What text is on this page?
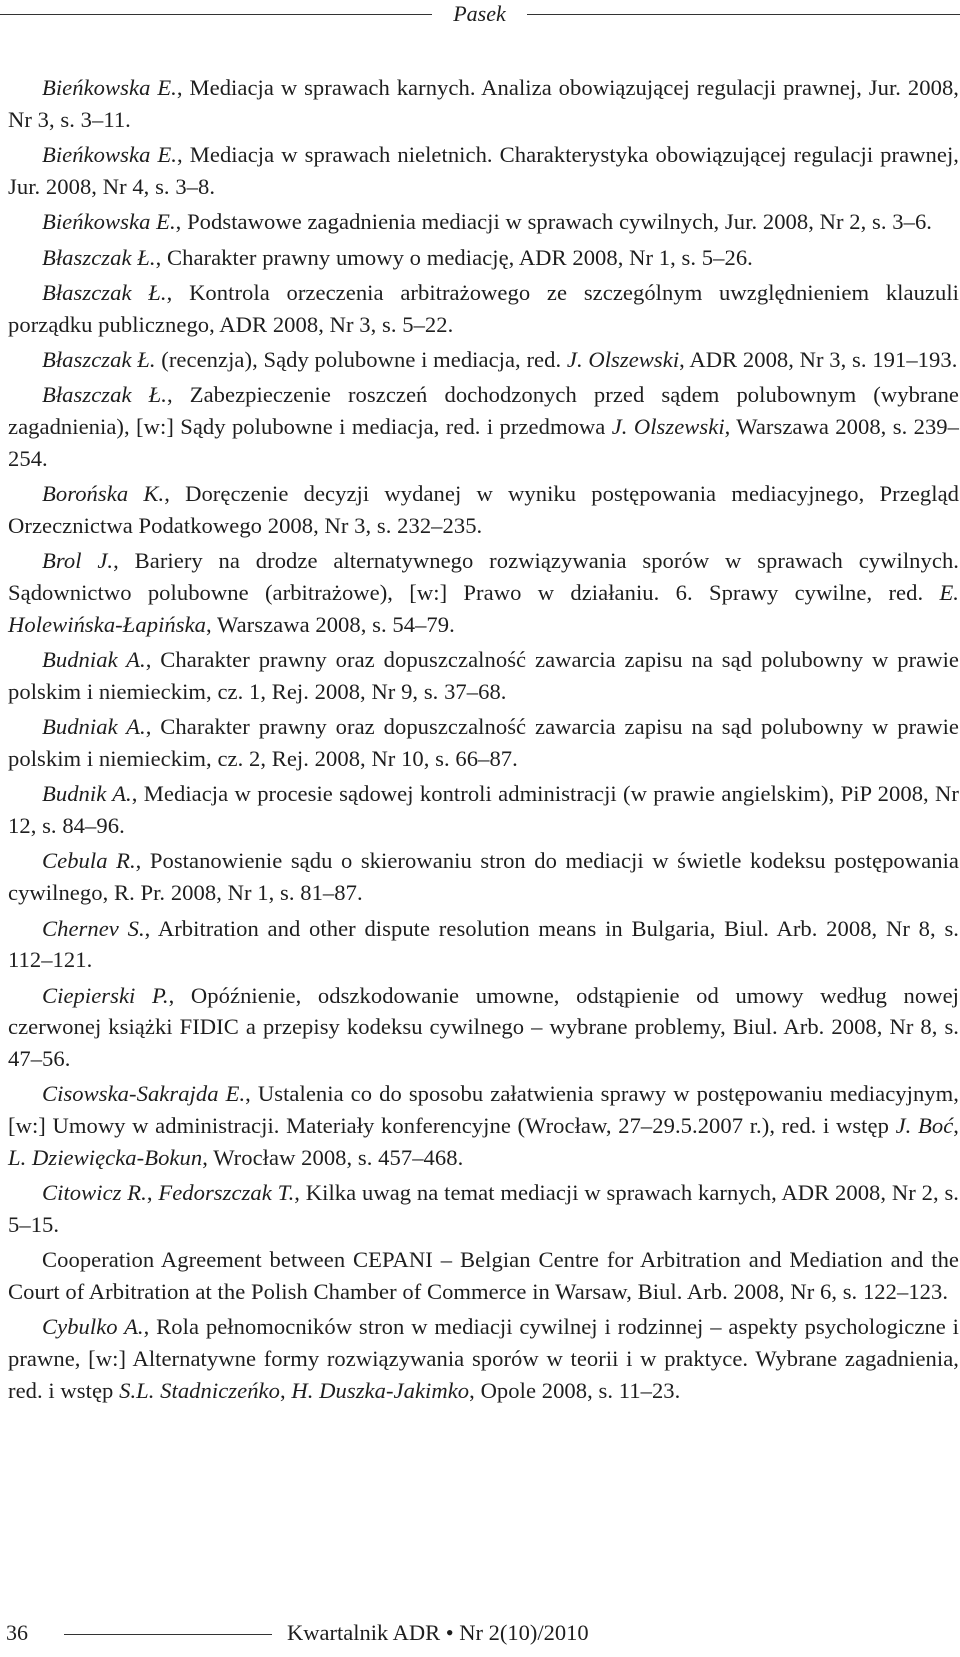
Pasek

Bieńkowska E., Mediacja w sprawach karnych. Analiza obowiązującej regulacji prawnej, Jur. 2008, Nr 3, s. 3–11.

Bieńkowska E., Mediacja w sprawach nieletnich. Charakterystyka obowiązującej regulacji prawnej, Jur. 2008, Nr 4, s. 3–8.

Bieńkowska E., Podstawowe zagadnienia mediacji w sprawach cywilnych, Jur. 2008, Nr 2, s. 3–6.

Błaszczak Ł., Charakter prawny umowy o mediację, ADR 2008, Nr 1, s. 5–26.

Błaszczak Ł., Kontrola orzeczenia arbitrażowego ze szczególnym uwzględnieniem klauzuli porządku publicznego, ADR 2008, Nr 3, s. 5–22.

Błaszczak Ł. (recenzja), Sądy polubowne i mediacja, red. J. Olszewski, ADR 2008, Nr 3, s. 191–193.

Błaszczak Ł., Zabezpieczenie roszczeń dochodzonych przed sądem polubownym (wybrane zagadnienia), [w:] Sądy polubowne i mediacja, red. i przedmowa J. Olszewski, Warszawa 2008, s. 239–254.

Borońska K., Doręczenie decyzji wydanej w wyniku postępowania mediacyjnego, Przegląd Orzecznictwa Podatkowego 2008, Nr 3, s. 232–235.

Brol J., Bariery na drodze alternatywnego rozwiązywania sporów w sprawach cywilnych. Sądownictwo polubowne (arbitrażowe), [w:] Prawo w działaniu. 6. Sprawy cywilne, red. E. Holewińska-Łapińska, Warszawa 2008, s. 54–79.

Budniak A., Charakter prawny oraz dopuszczalność zawarcia zapisu na sąd polubowny w prawie polskim i niemieckim, cz. 1, Rej. 2008, Nr 9, s. 37–68.

Budniak A., Charakter prawny oraz dopuszczalność zawarcia zapisu na sąd polubowny w prawie polskim i niemieckim, cz. 2, Rej. 2008, Nr 10, s. 66–87.

Budnik A., Mediacja w procesie sądowej kontroli administracji (w prawie angielskim), PiP 2008, Nr 12, s. 84–96.

Cebula R., Postanowienie sądu o skierowaniu stron do mediacji w świetle kodeksu postępowania cywilnego, R. Pr. 2008, Nr 1, s. 81–87.

Chernev S., Arbitration and other dispute resolution means in Bulgaria, Biul. Arb. 2008, Nr 8, s. 112–121.

Ciepierski P., Opóźnienie, odszkodowanie umowne, odstąpienie od umowy według nowej czerwonej książki FIDIC a przepisy kodeksu cywilnego – wybrane problemy, Biul. Arb. 2008, Nr 8, s. 47–56.

Cisowska-Sakrajda E., Ustalenia co do sposobu załatwienia sprawy w postępowaniu mediacyjnym, [w:] Umowy w administracji. Materiały konferencyjne (Wrocław, 27–29.5.2007 r.), red. i wstęp J. Boć, L. Dziewięcka-Bokun, Wrocław 2008, s. 457–468.

Citowicz R., Fedorszczak T., Kilka uwag na temat mediacji w sprawach karnych, ADR 2008, Nr 2, s. 5–15.

Cooperation Agreement between CEPANI – Belgian Centre for Arbitration and Mediation and the Court of Arbitration at the Polish Chamber of Commerce in Warsaw, Biul. Arb. 2008, Nr 6, s. 122–123.

Cybulko A., Rola pełnomocników stron w mediacji cywilnej i rodzinnej – aspekty psychologiczne i prawne, [w:] Alternatywne formy rozwiązywania sporów w teorii i w praktyce. Wybrane zagadnienia, red. i wstęp S.L. Stadniczeńko, H. Duszka-Jakimko, Opole 2008, s. 11–23.

36	Kwartalnik ADR • Nr 2(10)/2010
